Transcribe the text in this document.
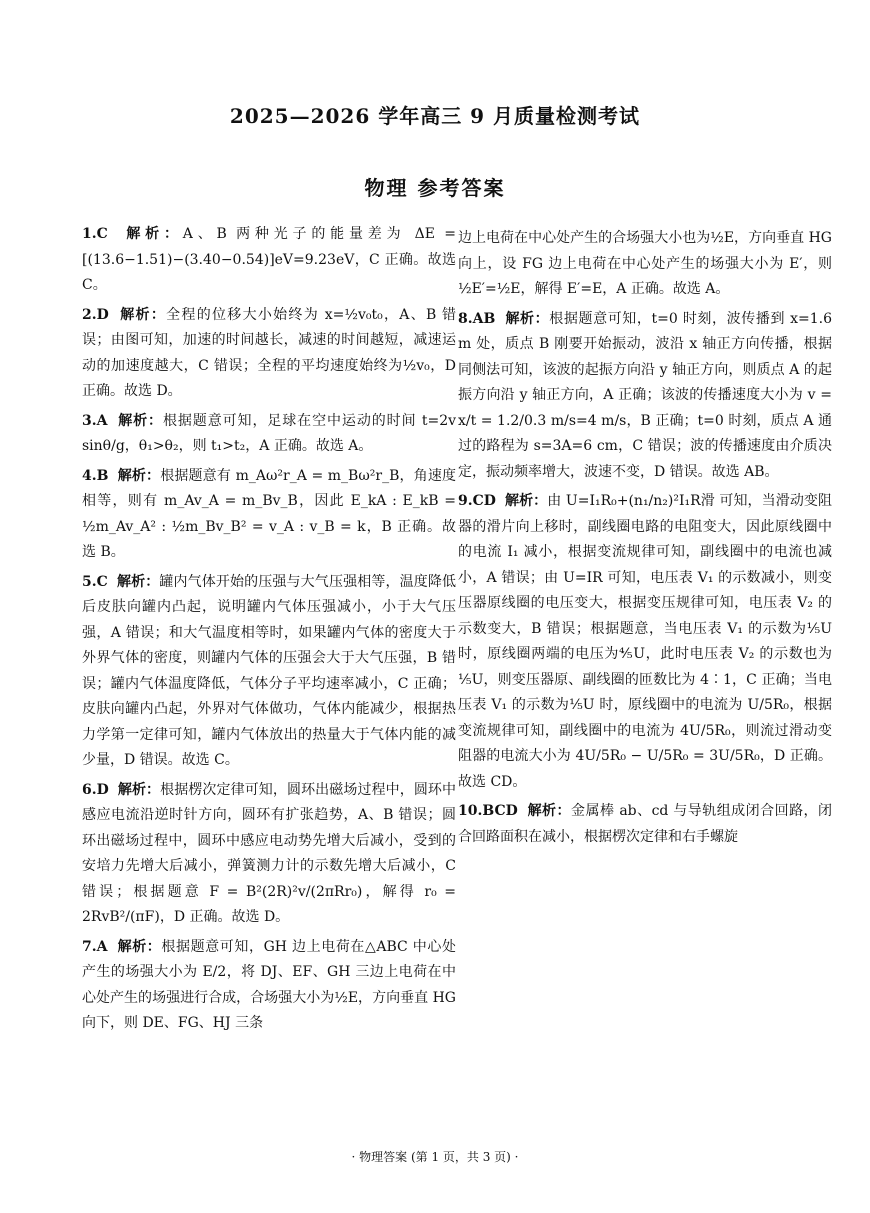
2025—2026 学年高三 9 月质量检测考试
物理 参考答案

1.C 解析：A、B 两种光子的能量差为 ΔE = [(13.6−1.51)−(3.40−0.54)]eV=9.23eV，C 正确。故选 C。

2.D 解析：全程的位移大小始终为 x=½v₀t₀，A、B 错误；由图可知，加速的时间越长，减速的时间越短，减速运动的加速度越大，C 错误；全程的平均速度始终为½v₀，D 正确。故选 D。

3.A 解析：根据题意可知，足球在空中运动的时间 t=2v sinθ/g，θ₁>θ₂，则 t₁>t₂，A 正确。故选 A。

4.B 解析：根据题意有 m_Aω²r_A = m_Bω²r_B，角速度相等，则有 m_Av_A = m_Bv_B，因此 E_kA : E_kB = ½m_Av_A² : ½m_Bv_B² = v_A : v_B = k，B 正确。故选 B。

5.C 解析：罐内气体开始的压强与大气压强相等，温度降低后皮肤向罐内凸起，说明罐内气体压强减小，小于大气压强，A 错误；和大气温度相等时，如果罐内气体的密度大于外界气体的密度，则罐内气体的压强会大于大气压强，B 错误；罐内气体温度降低，气体分子平均速率减小，C 正确；皮肤向罐内凸起，外界对气体做功，气体内能减少，根据热力学第一定律可知，罐内气体放出的热量大于气体内能的减少量，D 错误。故选 C。

6.D 解析：根据楞次定律可知，圆环出磁场过程中，圆环中感应电流沿逆时针方向，圆环有扩张趋势，A、B 错误；圆环出磁场过程中，圆环中感应电动势先增大后减小，受到的安培力先增大后减小，弹簧测力计的示数先增大后减小，C 错误；根据题意 F = B²(2R)²v/(2πRr₀)，解得 r₀ = 2RvB²/(πF)，D 正确。故选 D。

7.A 解析：根据题意可知，GH 边上电荷在△ABC 中心处产生的场强大小为 E/2，将 DJ、EF、GH 三边上电荷在中心处产生的场强进行合成，合场强大小为½E，方向垂直 HG 向下，则 DE、FG、HJ 三条

边上电荷在中心处产生的合场强大小也为½E，方向垂直 HG 向上，设 FG 边上电荷在中心处产生的场强大小为 E′，则½E′=½E，解得 E′=E，A 正确。故选 A。

8.AB 解析：根据题意可知，t=0 时刻，波传播到 x=1.6 m 处，质点 B 刚要开始振动，波沿 x 轴正方向传播，根据同侧法可知，该波的起振方向沿 y 轴正方向，则质点 A 的起振方向沿 y 轴正方向，A 正确；该波的传播速度大小为 v = x/t = 1.2/0.3 m/s=4 m/s，B 正确；t=0 时刻，质点 A 通过的路程为 s=3A=6 cm，C 错误；波的传播速度由介质决定，振动频率增大，波速不变，D 错误。故选 AB。

9.CD 解析：由 U=I₁R₀+(n₁/n₂)²I₁R滑 可知，当滑动变阻器的滑片向上移时，副线圈电路的电阻变大，因此原线圈中的电流 I₁ 减小，根据变流规律可知，副线圈中的电流也减小，A 错误；由 U=IR 可知，电压表 V₁ 的示数减小，则变压器原线圈的电压变大，根据变压规律可知，电压表 V₂ 的示数变大，B 错误；根据题意，当电压表 V₁ 的示数为⅕U 时，原线圈两端的电压为⅘U，此时电压表 V₂ 的示数也为⅕U，则变压器原、副线圈的匝数比为 4∶1，C 正确；当电压表 V₁ 的示数为⅕U 时，原线圈中的电流为 U/5R₀，根据变流规律可知，副线圈中的电流为 4U/5R₀，则流过滑动变阻器的电流大小为 4U/5R₀ − U/5R₀ = 3U/5R₀，D 正确。故选 CD。

10.BCD 解析：金属棒 ab、cd 与导轨组成闭合回路，闭合回路面积在减小，根据楞次定律和右手螺旋

· 物理答案 (第 1 页，共 3 页) ·
